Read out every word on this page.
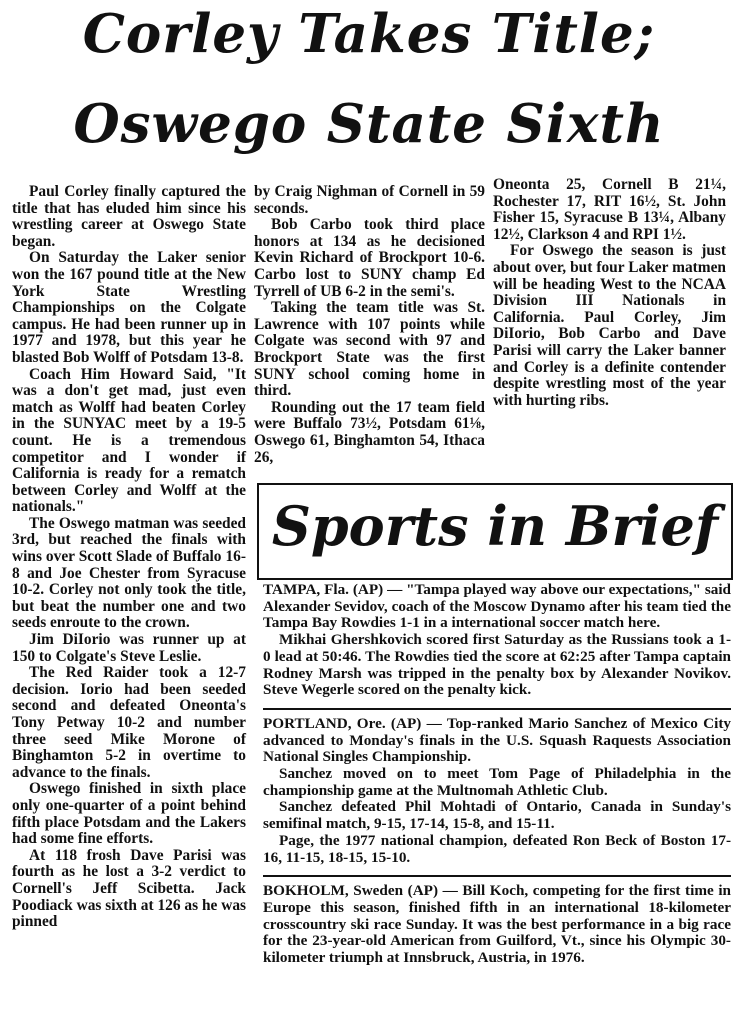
Corley Takes Title;
Oswego State Sixth

Paul Corley finally captured the title that has eluded him since his wrestling career at Oswego State began.

On Saturday the Laker senior won the 167 pound title at the New York State Wrestling Championships on the Colgate campus. He had been runner up in 1977 and 1978, but this year he blasted Bob Wolff of Potsdam 13-8.

Coach Him Howard Said, "It was a don't get mad, just even match as Wolff had beaten Corley in the SUNYAC meet by a 19-5 count. He is a tremendous competitor and I wonder if California is ready for a rematch between Corley and Wolff at the nationals."

The Oswego matman was seeded 3rd, but reached the finals with wins over Scott Slade of Buffalo 16-8 and Joe Chester from Syracuse 10-2. Corley not only took the title, but beat the number one and two seeds enroute to the crown.

Jim DiIorio was runner up at 150 to Colgate's Steve Leslie.

The Red Raider took a 12-7 decision. Iorio had been seeded second and defeated Oneonta's Tony Petway 10-2 and number three seed Mike Morone of Binghamton 5-2 in overtime to advance to the finals.

Oswego finished in sixth place only one-quarter of a point behind fifth place Potsdam and the Lakers had some fine efforts.

At 118 frosh Dave Parisi was fourth as he lost a 3-2 verdict to Cornell's Jeff Scibetta. Jack Poodiack was sixth at 126 as he was pinned

by Craig Nighman of Cornell in 59 seconds.

Bob Carbo took third place honors at 134 as he decisioned Kevin Richard of Brockport 10-6. Carbo lost to SUNY champ Ed Tyrrell of UB 6-2 in the semi's.

Taking the team title was St. Lawrence with 107 points while Colgate was second with 97 and Brockport State was the first SUNY school coming home in third.

Rounding out the 17 team field were Buffalo 73½, Potsdam 61⅛, Oswego 61, Binghamton 54, Ithaca 26,

Oneonta 25, Cornell B 21¼, Rochester 17, RIT 16½, St. John Fisher 15, Syracuse B 13¼, Albany 12½, Clarkson 4 and RPI 1½.

For Oswego the season is just about over, but four Laker matmen will be heading West to the NCAA Division III Nationals in California. Paul Corley, Jim DiIorio, Bob Carbo and Dave Parisi will carry the Laker banner and Corley is a definite contender despite wrestling most of the year with hurting ribs.

Sports in Brief

TAMPA, Fla. (AP) — "Tampa played way above our expectations," said Alexander Sevidov, coach of the Moscow Dynamo after his team tied the Tampa Bay Rowdies 1-1 in a international soccer match here.

Mikhai Ghershkovich scored first Saturday as the Russians took a 1-0 lead at 50:46. The Rowdies tied the score at 62:25 after Tampa captain Rodney Marsh was tripped in the penalty box by Alexander Novikov. Steve Wegerle scored on the penalty kick.

PORTLAND, Ore. (AP) — Top-ranked Mario Sanchez of Mexico City advanced to Monday's finals in the U.S. Squash Raquests Association National Singles Championship.

Sanchez moved on to meet Tom Page of Philadelphia in the championship game at the Multnomah Athletic Club.

Sanchez defeated Phil Mohtadi of Ontario, Canada in Sunday's semifinal match, 9-15, 17-14, 15-8, and 15-11.

Page, the 1977 national champion, defeated Ron Beck of Boston 17-16, 11-15, 18-15, 15-10.

BOKHOLM, Sweden (AP) — Bill Koch, competing for the first time in Europe this season, finished fifth in an international 18-kilometer crosscountry ski race Sunday. It was the best performance in a big race for the 23-year-old American from Guilford, Vt., since his Olympic 30-kilometer triumph at Innsbruck, Austria, in 1976.
